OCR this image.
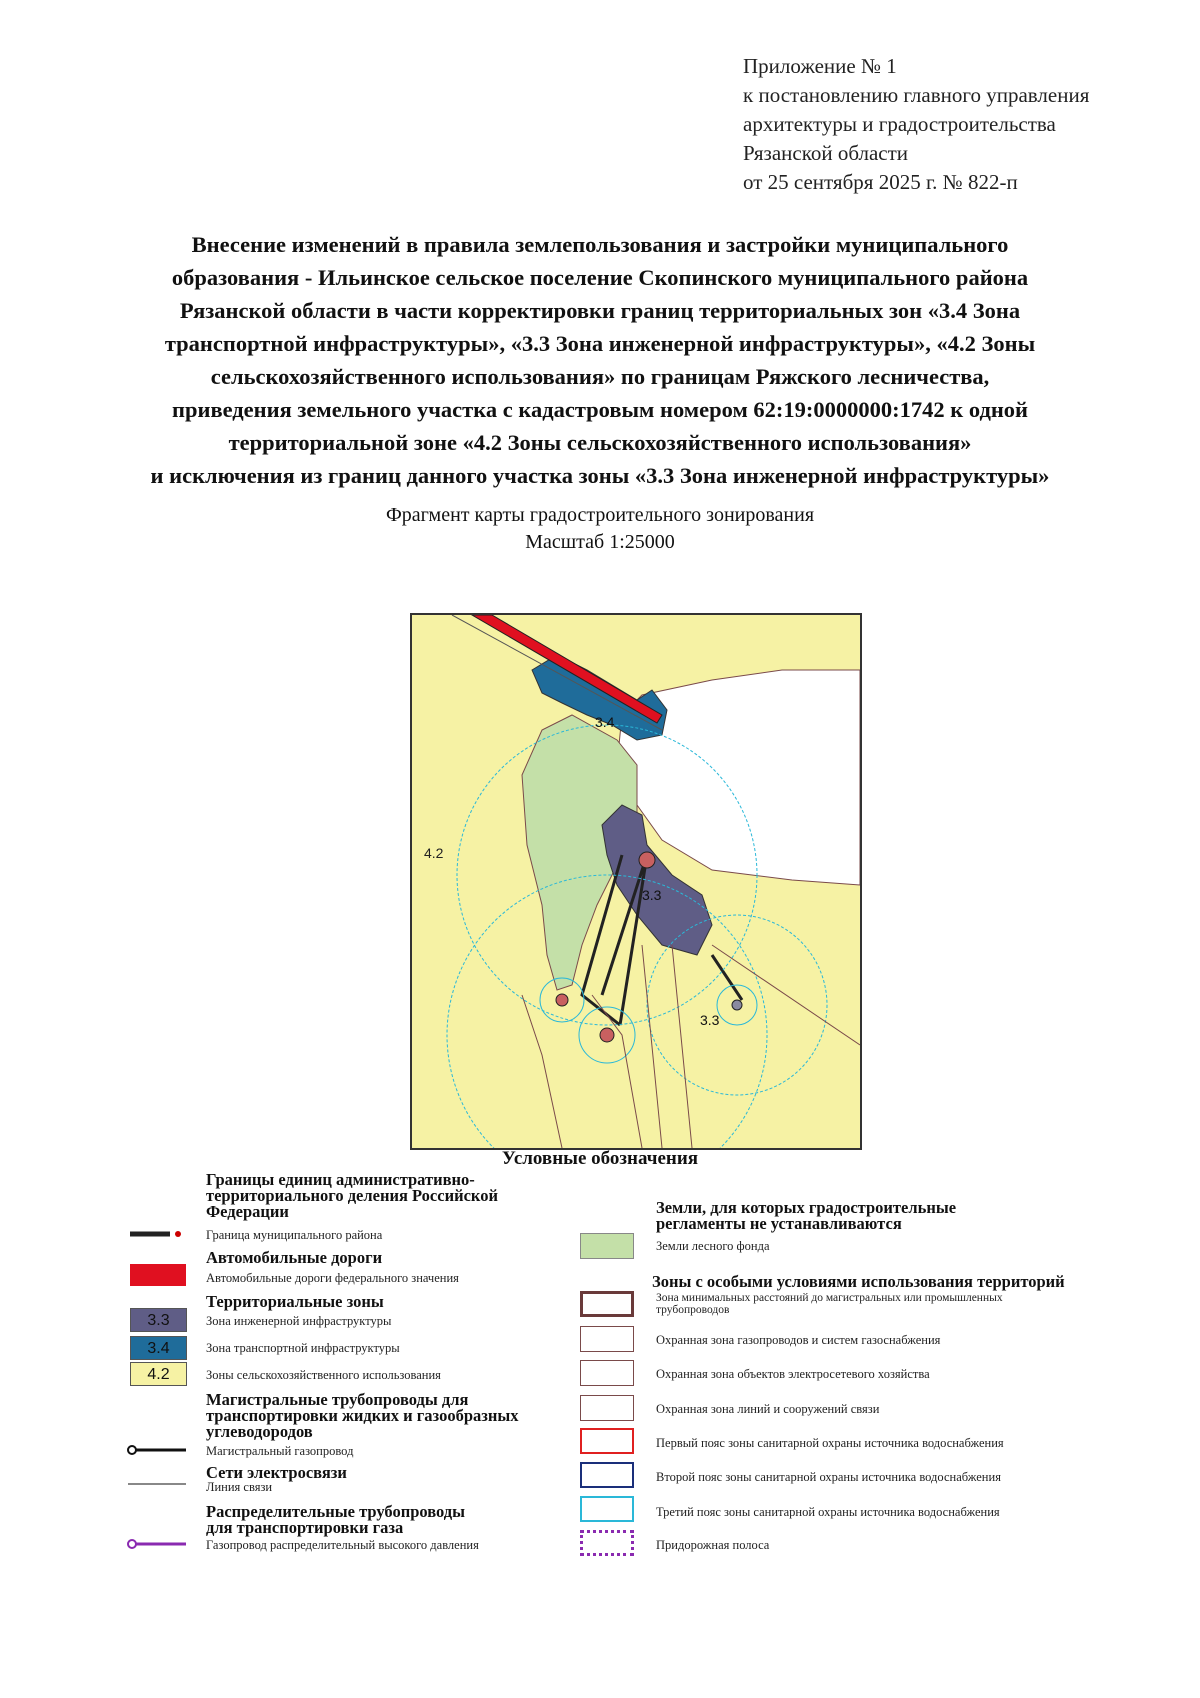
Приложение № 1
к постановлению главного управления
архитектуры и градостроительства
Рязанской области
от 25 сентября 2025 г. № 822-п
Внесение изменений в правила землепользования и застройки муниципального
образования - Ильинское сельское поселение Скопинского муниципального района
Рязанской области в части корректировки границ территориальных зон «3.4 Зона
транспортной инфраструктуры», «3.3 Зона инженерной инфраструктуры», «4.2 Зоны
сельскохозяйственного использования» по границам Ряжского лесничества,
приведения земельного участка с кадастровым номером 62:19:0000000:1742 к одной
территориальной зоне «4.2 Зоны сельскохозяйственного использования»
и исключения из границ данного участка зоны «3.3 Зона инженерной инфраструктуры»
Фрагмент карты градостроительного зонирования
Масштаб 1:25000
4.2
3.4
3.3
3.3
Условные обозначения
Границы единиц административно-
территориального деления Российской
Федерации
Граница муниципального района
Автомобильные дороги
Автомобильные дороги федерального значения
Территориальные зоны
3.3	Зона инженерной инфраструктуры
3.4	Зона транспортной инфраструктуры
4.2	Зоны сельскохозяйственного использования
Магистральные трубопроводы для
транспортировки жидких и газообразных
углеводородов
Магистральный газопровод
Сети электросвязи
Линия связи
Распределительные трубопроводы
для транспортировки газа
Газопровод распределительный высокого давления
Земли, для которых градостроительные
регламенты не устанавливаются
Земли лесного фонда
Зоны с особыми условиями использования территорий
Зона минимальных расстояний до магистральных или промышленных
трубопроводов
Охранная зона газопроводов и систем газоснабжения
Охранная зона объектов электросетевого хозяйства
Охранная зона линий и сооружений связи
Первый пояс зоны санитарной охраны источника водоснабжения
Второй пояс зоны санитарной охраны источника водоснабжения
Третий пояс зоны санитарной охраны источника водоснабжения
Придорожная полоса
